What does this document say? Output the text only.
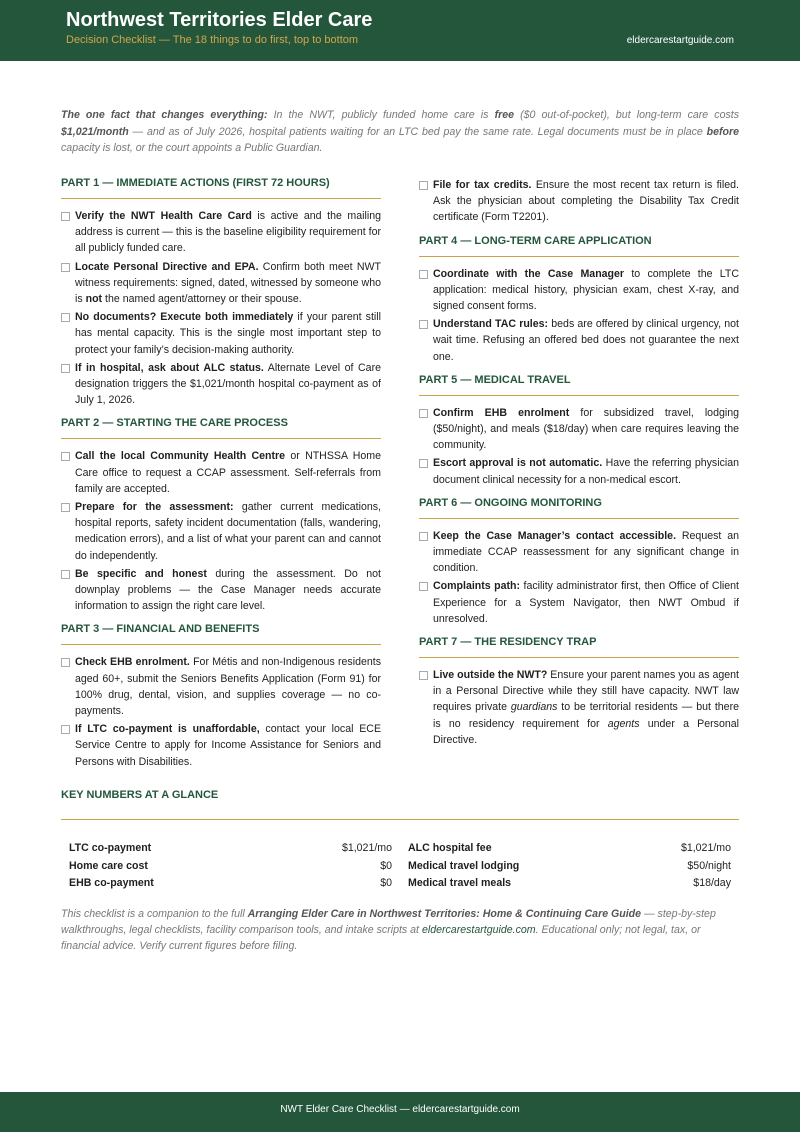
Northwest Territories Elder Care
Decision Checklist — The 18 things to do first, top to bottom	eldercarestartguide.com
The one fact that changes everything: In the NWT, publicly funded home care is free ($0 out-of-pocket), but long-term care costs $1,021/month — and as of July 2026, hospital patients waiting for an LTC bed pay the same rate. Legal documents must be in place before capacity is lost, or the court appoints a Public Guardian.
PART 1 — IMMEDIATE ACTIONS (FIRST 72 HOURS)
Verify the NWT Health Care Card is active and the mailing address is current — this is the baseline eligibility requirement for all publicly funded care.
Locate Personal Directive and EPA. Confirm both meet NWT witness requirements: signed, dated, witnessed by someone who is not the named agent/attorney or their spouse.
No documents? Execute both immediately if your parent still has mental capacity. This is the single most important step to protect your family’s decision-making authority.
If in hospital, ask about ALC status. Alternate Level of Care designation triggers the $1,021/month hospital co-payment as of July 1, 2026.
PART 2 — STARTING THE CARE PROCESS
Call the local Community Health Centre or NTHSSA Home Care office to request a CCAP assessment. Self-referrals from family are accepted.
Prepare for the assessment: gather current medications, hospital reports, safety incident documentation (falls, wandering, medication errors), and a list of what your parent can and cannot do independently.
Be specific and honest during the assessment. Do not downplay problems — the Case Manager needs accurate information to assign the right care level.
PART 3 — FINANCIAL AND BENEFITS
Check EHB enrolment. For Métis and non-Indigenous residents aged 60+, submit the Seniors Benefits Application (Form 91) for 100% drug, dental, vision, and supplies coverage — no co-payments.
If LTC co-payment is unaffordable, contact your local ECE Service Centre to apply for Income Assistance for Seniors and Persons with Disabilities.
File for tax credits. Ensure the most recent tax return is filed. Ask the physician about completing the Disability Tax Credit certificate (Form T2201).
PART 4 — LONG-TERM CARE APPLICATION
Coordinate with the Case Manager to complete the LTC application: medical history, physician exam, chest X-ray, and signed consent forms.
Understand TAC rules: beds are offered by clinical urgency, not wait time. Refusing an offered bed does not guarantee the next one.
PART 5 — MEDICAL TRAVEL
Confirm EHB enrolment for subsidized travel, lodging ($50/night), and meals ($18/day) when care requires leaving the community.
Escort approval is not automatic. Have the referring physician document clinical necessity for a non-medical escort.
PART 6 — ONGOING MONITORING
Keep the Case Manager’s contact accessible. Request an immediate CCAP reassessment for any significant change in condition.
Complaints path: facility administrator first, then Office of Client Experience for a System Navigator, then NWT Ombud if unresolved.
PART 7 — THE RESIDENCY TRAP
Live outside the NWT? Ensure your parent names you as agent in a Personal Directive while they still have capacity. NWT law requires private guardians to be territorial residents — but there is no residency requirement for agents under a Personal Directive.
KEY NUMBERS AT A GLANCE
LTC co-payment	$1,021/mo ALC hospital fee	$1,021/mo
Home care cost	$0 Medical travel lodging	$50/night
EHB co-payment	$0 Medical travel meals	$18/day
This checklist is a companion to the full Arranging Elder Care in Northwest Territories: Home & Continuing Care Guide — step-by-step walkthroughs, legal checklists, facility comparison tools, and intake scripts at eldercarestartguide.com. Educational only; not legal, tax, or financial advice. Verify current figures before filing.
NWT Elder Care Checklist — eldercarestartguide.com
